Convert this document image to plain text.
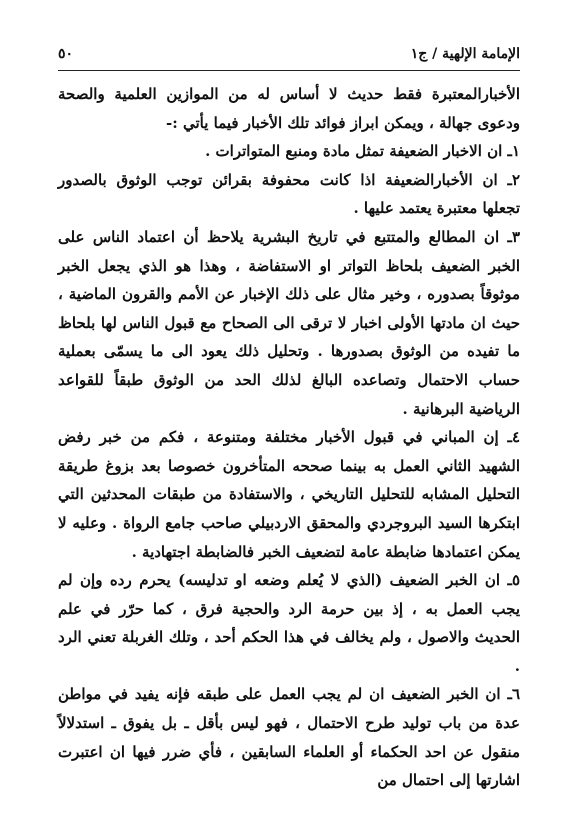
الإمامة الإلهية / ج١
٥٠

الأخبارالمعتبرة فقط حديث لا أساس له من الموازين العلمية والصحة ودعوى جهالة ، ويمكن ابراز فوائد تلك الأخبار فيما يأتي :-

١ـ ان الاخبار الضعيفة تمثل مادة ومنبع المتواترات .

٢ـ ان الأخبارالضعيفة اذا كانت محفوفة بقرائن توجب الوثوق بالصدور تجعلها معتبرة يعتمد عليها .

٣ـ ان المطالع والمتتبع في تاريخ البشرية يلاحظ أن اعتماد الناس على الخبر الضعيف بلحاظ التواتر او الاستفاضة ، وهذا هو الذي يجعل الخبر موثوقاً بصدوره ، وخير مثال على ذلك الإخبار عن الأمم والقرون الماضية ، حيث ان مادتها الأولى اخبار لا ترقى الى الصحاح مع قبول الناس لها بلحاظ ما تفيده من الوثوق بصدورها . وتحليل ذلك يعود الى ما يسمّى بعملية حساب الاحتمال وتصاعده البالغ لذلك الحد من الوثوق طبقاً للقواعد الرياضية البرهانية .

٤ـ إن المباني في قبول الأخبار مختلفة ومتنوعة ، فكم من خبر رفض الشهيد الثاني العمل به بينما صححه المتأخرون خصوصا بعد بزوغ طريقة التحليل المشابه للتحليل التاريخي ، والاستفادة من طبقات المحدثين التي ابتكرها السيد البروجردي والمحقق الاردبيلي صاحب جامع الرواة . وعليه لا يمكن اعتمادها ضابطة عامة لتضعيف الخبر فالضابطة اجتهادية .

٥ـ ان الخبر الضعيف (الذي لا يُعلم وضعه او تدليسه) يحرم رده وإن لم يجب العمل به ، إذ بين حرمة الرد والحجية فرق ، كما حرّر في علم الحديث والاصول ، ولم يخالف في هذا الحكم أحد ، وتلك الغربلة تعني الرد .

٦ـ ان الخبر الضعيف ان لم يجب العمل على طبقه فإنه يفيد في مواطن عدة من باب توليد طرح الاحتمال ، فهو ليس بأقل ـ بل يفوق ـ استدلالاً منقول عن احد الحكماء أو العلماء السابقين ، فأي ضرر فيها ان اعتبرت اشارتها إلى احتمال من
